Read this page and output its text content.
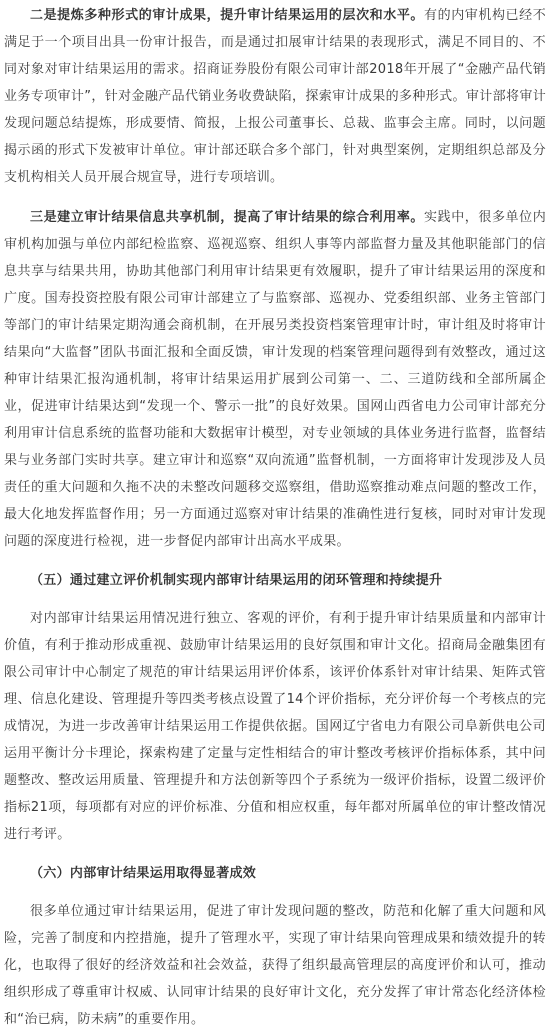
二是提炼多种形式的审计成果，提升审计结果运用的层次和水平。有的内审机构已经不满足于一个项目出具一份审计报告，而是通过扣展审计结果的表现形式，满足不同目的、不同对象对审计结果运用的需求。招商证券股份有限公司审计部2018年开展了“金融产品代销业务专项审计”，针对金融产品代销业务收费缺陷，探索审计成果的多种形式。审计部将审计发现问题总结提炼，形成要情、简报，上报公司董事长、总裁、监事会主席。同时，以问题揭示函的形式下发被审计单位。审计部还联合多个部门，针对典型案例，定期组织总部及分支机构相关人员开展合规宣导，进行专项培训。

三是建立审计结果信息共享机制，提高了审计结果的综合利用率。实践中，很多单位内审机构加强与单位内部纪检监察、巡视巡察、组织人事等内部监督力量及其他职能部门的信息共享与结果共用，协助其他部门利用审计结果更有效履职，提升了审计结果运用的深度和广度。国寿投资控股有限公司审计部建立了与监察部、巡视办、党委组织部、业务主管部门等部门的审计结果定期沟通会商机制，在开展另类投资档案管理审计时，审计组及时将审计结果向“大监督”团队书面汇报和全面反馈，审计发现的档案管理问题得到有效整改，通过这种审计结果汇报沟通机制，将审计结果运用扩展到公司第一、二、三道防线和全部所属企业，促进审计结果达到“发现一个、警示一批”的良好效果。国网山西省电力公司审计部充分利用审计信息系统的监督功能和大数据审计模型，对专业领域的具体业务进行监督，监督结果与业务部门实时共享。建立审计和巡察“双向流通”监督机制，一方面将审计发现涉及人员责任的重大问题和久拖不决的未整改问题移交巡察组，借助巡察推动难点问题的整改工作，最大化地发挥监督作用；另一方面通过巡察对审计结果的准确性进行复核，同时对审计发现问题的深度进行检视，进一步督促内部审计出高水平成果。

（五）通过建立评价机制实现内部审计结果运用的闭环管理和持续提升

对内部审计结果运用情况进行独立、客观的评价，有利于提升审计结果质量和内部审计价值，有利于推动形成重视、鼓励审计结果运用的良好氛围和审计文化。招商局金融集团有限公司审计中心制定了规范的审计结果运用评价体系，该评价体系针对审计结果、矩阵式管理、信息化建设、管理提升等四类考核点设置了14个评价指标，充分评价每一个考核点的完成情况，为进一步改善审计结果运用工作提供依据。国网辽宁省电力有限公司阜新供电公司运用平衡计分卡理论，探索构建了定量与定性相结合的审计整改考核评价指标体系，其中问题整改、整改运用质量、管理提升和方法创新等四个子系统为一级评价指标，设置二级评价指标21项，每项都有对应的评价标准、分值和相应权重，每年都对所属单位的审计整改情况进行考评。

（六）内部审计结果运用取得显著成效

很多单位通过审计结果运用，促进了审计发现问题的整改，防范和化解了重大问题和风险，完善了制度和内控措施，提升了管理水平，实现了审计结果向管理成果和绩效提升的转化，也取得了很好的经济效益和社会效益，获得了组织最高管理层的高度评价和认可，推动组织形成了尊重审计权威、认同审计结果的良好审计文化，充分发挥了审计常态化经济体检和“治已病，防未病”的重要作用。
